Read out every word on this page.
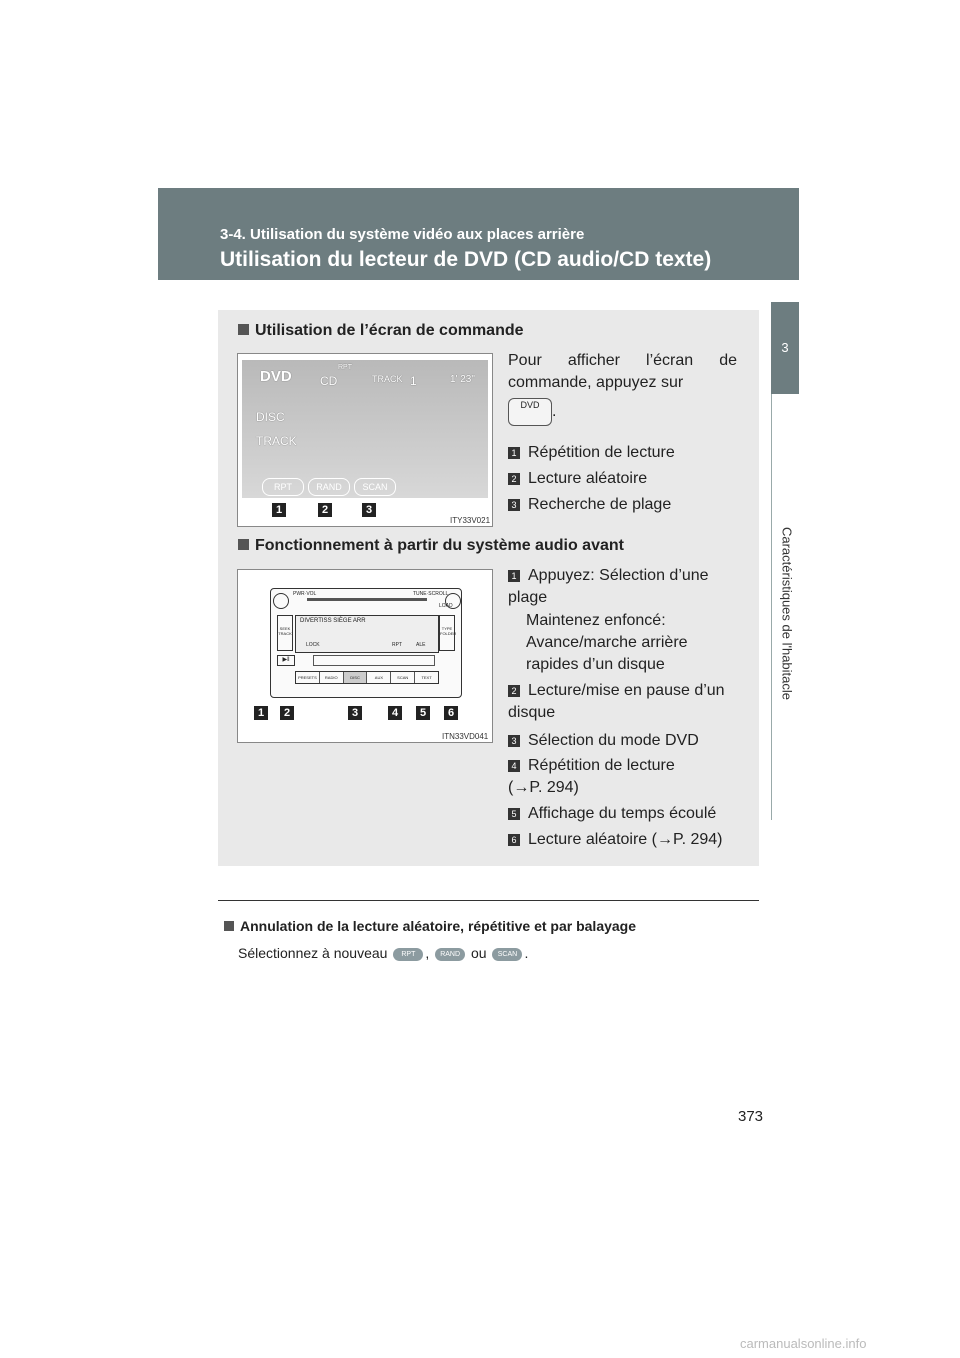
3-4. Utilisation du système vidéo aux places arrière
Utilisation du lecteur de DVD (CD audio/CD texte)
3
Caractéristiques de l'habitacle
Utilisation de l’écran de commande
DVD CD
RPT
TRACK 1	1' 23"
DISC
TRACK
RPT	RAND	SCAN
1	2	3
ITY33V021
Pour afficher l’écran de commande, appuyez sur
DVD .
1 Répétition de lecture
2 Lecture aléatoire
3 Recherche de plage
Fonctionnement à partir du système audio avant
PWR·VOL	TUNE·SCROLL
DIVERTISS SIÈGE ARR
LOCK	RPT	ALE
SEEK TRACK
TYPE FOLDER
LOAD
▶‖
PRESETS	RADIO	DISC	AUX	SCAN	TEXT
1	2	3	4	5	6
ITN33VD041
1 Appuyez: Sélection d’une plage
Maintenez enfoncé: Avance/marche arrière rapides d’un disque
2 Lecture/mise en pause d’un disque
3 Sélection du mode DVD
4 Répétition de lecture (→P. 294)
5 Affichage du temps écoulé
6 Lecture aléatoire (→P. 294)
Annulation de la lecture aléatoire, répétitive et par balayage
Sélectionnez à nouveau RPT , RAND ou SCAN .
373
carmanualsonline.info
